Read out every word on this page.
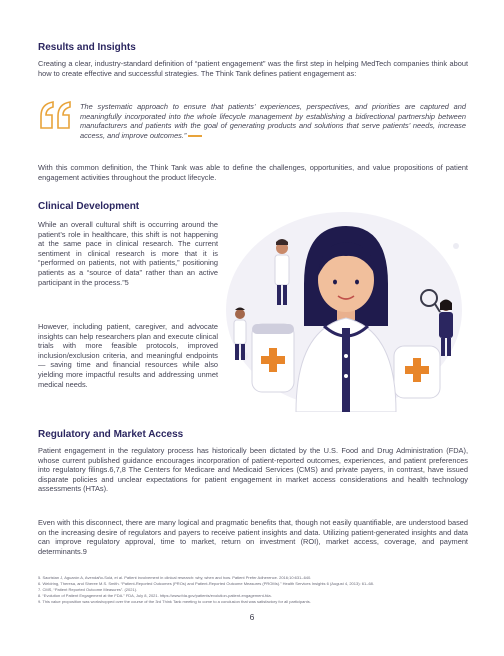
Results and Insights

Creating a clear, industry-standard definition of “patient engagement” was the first step in helping MedTech companies think about how to create effective and successful strategies. The Think Tank defines patient engagement as:

The systematic approach to ensure that patients’ experiences, perspectives, and priorities are captured and meaningfully incorporated into the whole lifecycle management by establishing a bidirectional partnership between manufacturers and patients with the goal of generating products and solutions that serve patients’ needs, increase access, and improve outcomes.”

With this common definition, the Think Tank was able to define the challenges, opportunities, and value propositions of patient engagement activities throughout the product lifecycle.

Clinical Development

While an overall cultural shift is occurring around the patient’s role in healthcare, this shift is not happening at the same pace in clinical research. The current sentiment in clinical research is more that it is “performed on patients, not with patients,” positioning patients as a “source of data” rather than an active participant in the process.”5

However, including patient, caregiver, and advocate insights can help researchers plan and execute clinical trials with more feasible protocols, improved inclusion/exclusion criteria, and meaningful endpoints — saving time and financial resources while also yielding more impactful results and addressing unmet medical needs.

Regulatory and Market Access

Patient engagement in the regulatory process has historically been dictated by the U.S. Food and Drug Administration (FDA), whose current published guidance encourages incorporation of patient-reported outcomes, experiences, and patient preferences into regulatory filings.6,7,8 The Centers for Medicare and Medicaid Services (CMS) and private payers, in contrast, have issued disparate policies and unclear expectations for patient engagement in market access considerations and health technology assessments (HTAs).

Even with this disconnect, there are many logical and pragmatic benefits that, though not easily quantifiable, are understood based on the increasing desire of regulators and payers to receive patient insights and data. Utilizing patient-generated insights and data can improve regulatory approval, time to market, return on investment (ROI), market access, coverage, and payment determinants.9

5. Sacristan J, Aguarón A, Avendaño-Solá, et al. Patient involvement in clinical research: why, when and how. Patient Prefer Adherence. 2016;10:631–640.
6. Weldring, Theresa, and Sheree M.S. Smith. “Patient-Reported Outcomes (PROs) and Patient-Reported Outcome Measures (PROMs).” Health Services Insights 6 (August 4, 2013): 61–68.
7. CMS, “Patient Reported Outcome Measures”. (2021).
8. “Evolution of Patient Engagement at the FDA.” FDA, July 8, 2021. https://www.fda.gov/patients/evolution-patient-engagement-fda.
9. This value proposition was workshopped over the course of the 3rd Think Tank meeting to come to a conclusion that was satisfactory for all participants.
6
